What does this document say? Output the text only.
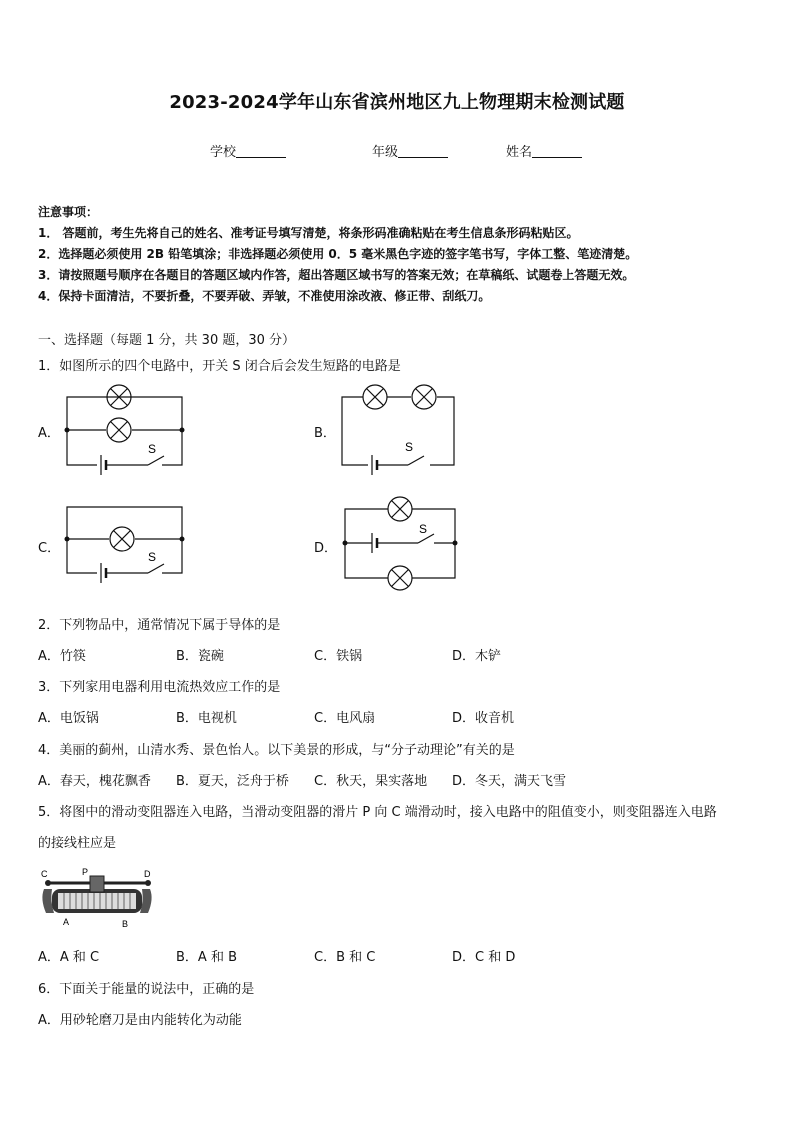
2023-2024学年山东省滨州地区九上物理期末检测试题
学校	年级	姓名
注意事项：
1． 答题前，考生先将自己的姓名、准考证号填写清楚，将条形码准确粘贴在考生信息条形码粘贴区。
2．选择题必须使用 2B 铅笔填涂；非选择题必须使用 0．5 毫米黑色字迹的签字笔书写，字体工整、笔迹清楚。
3．请按照题号顺序在各题目的答题区域内作答，超出答题区域书写的答案无效；在草稿纸、试题卷上答题无效。
4．保持卡面清洁，不要折叠，不要弄破、弄皱，不准使用涂改液、修正带、刮纸刀。
一、选择题（每题 1 分，共 30 题，30 分）
1．如图所示的四个电路中，开关 S 闭合后会发生短路的电路是
A．	B．
C．	D．
S	S
S
S
2．下列物品中，通常情况下属于导体的是
A．竹筷	B．瓷碗	C．铁锅	D．木铲
3．下列家用电器利用电流热效应工作的是
A．电饭锅	B．电视机	C．电风扇	D．收音机
4．美丽的蓟州，山清水秀、景色怡人。以下美景的形成，与“分子动理论”有关的是
A．春天，槐花飘香 B．夏天，泛舟于桥 C．秋天，果实落地 D．冬天，满天飞雪
5．将图中的滑动变阻器连入电路，当滑动变阻器的滑片 P 向 C 端滑动时，接入电路中的阻值变小，则变阻器连入电路
的接线柱应是
C	P	D
A	B
A．A 和 C	B．A 和 B	C．B 和 C	D．C 和 D
6．下面关于能量的说法中，正确的是
A．用砂轮磨刀是由内能转化为动能
